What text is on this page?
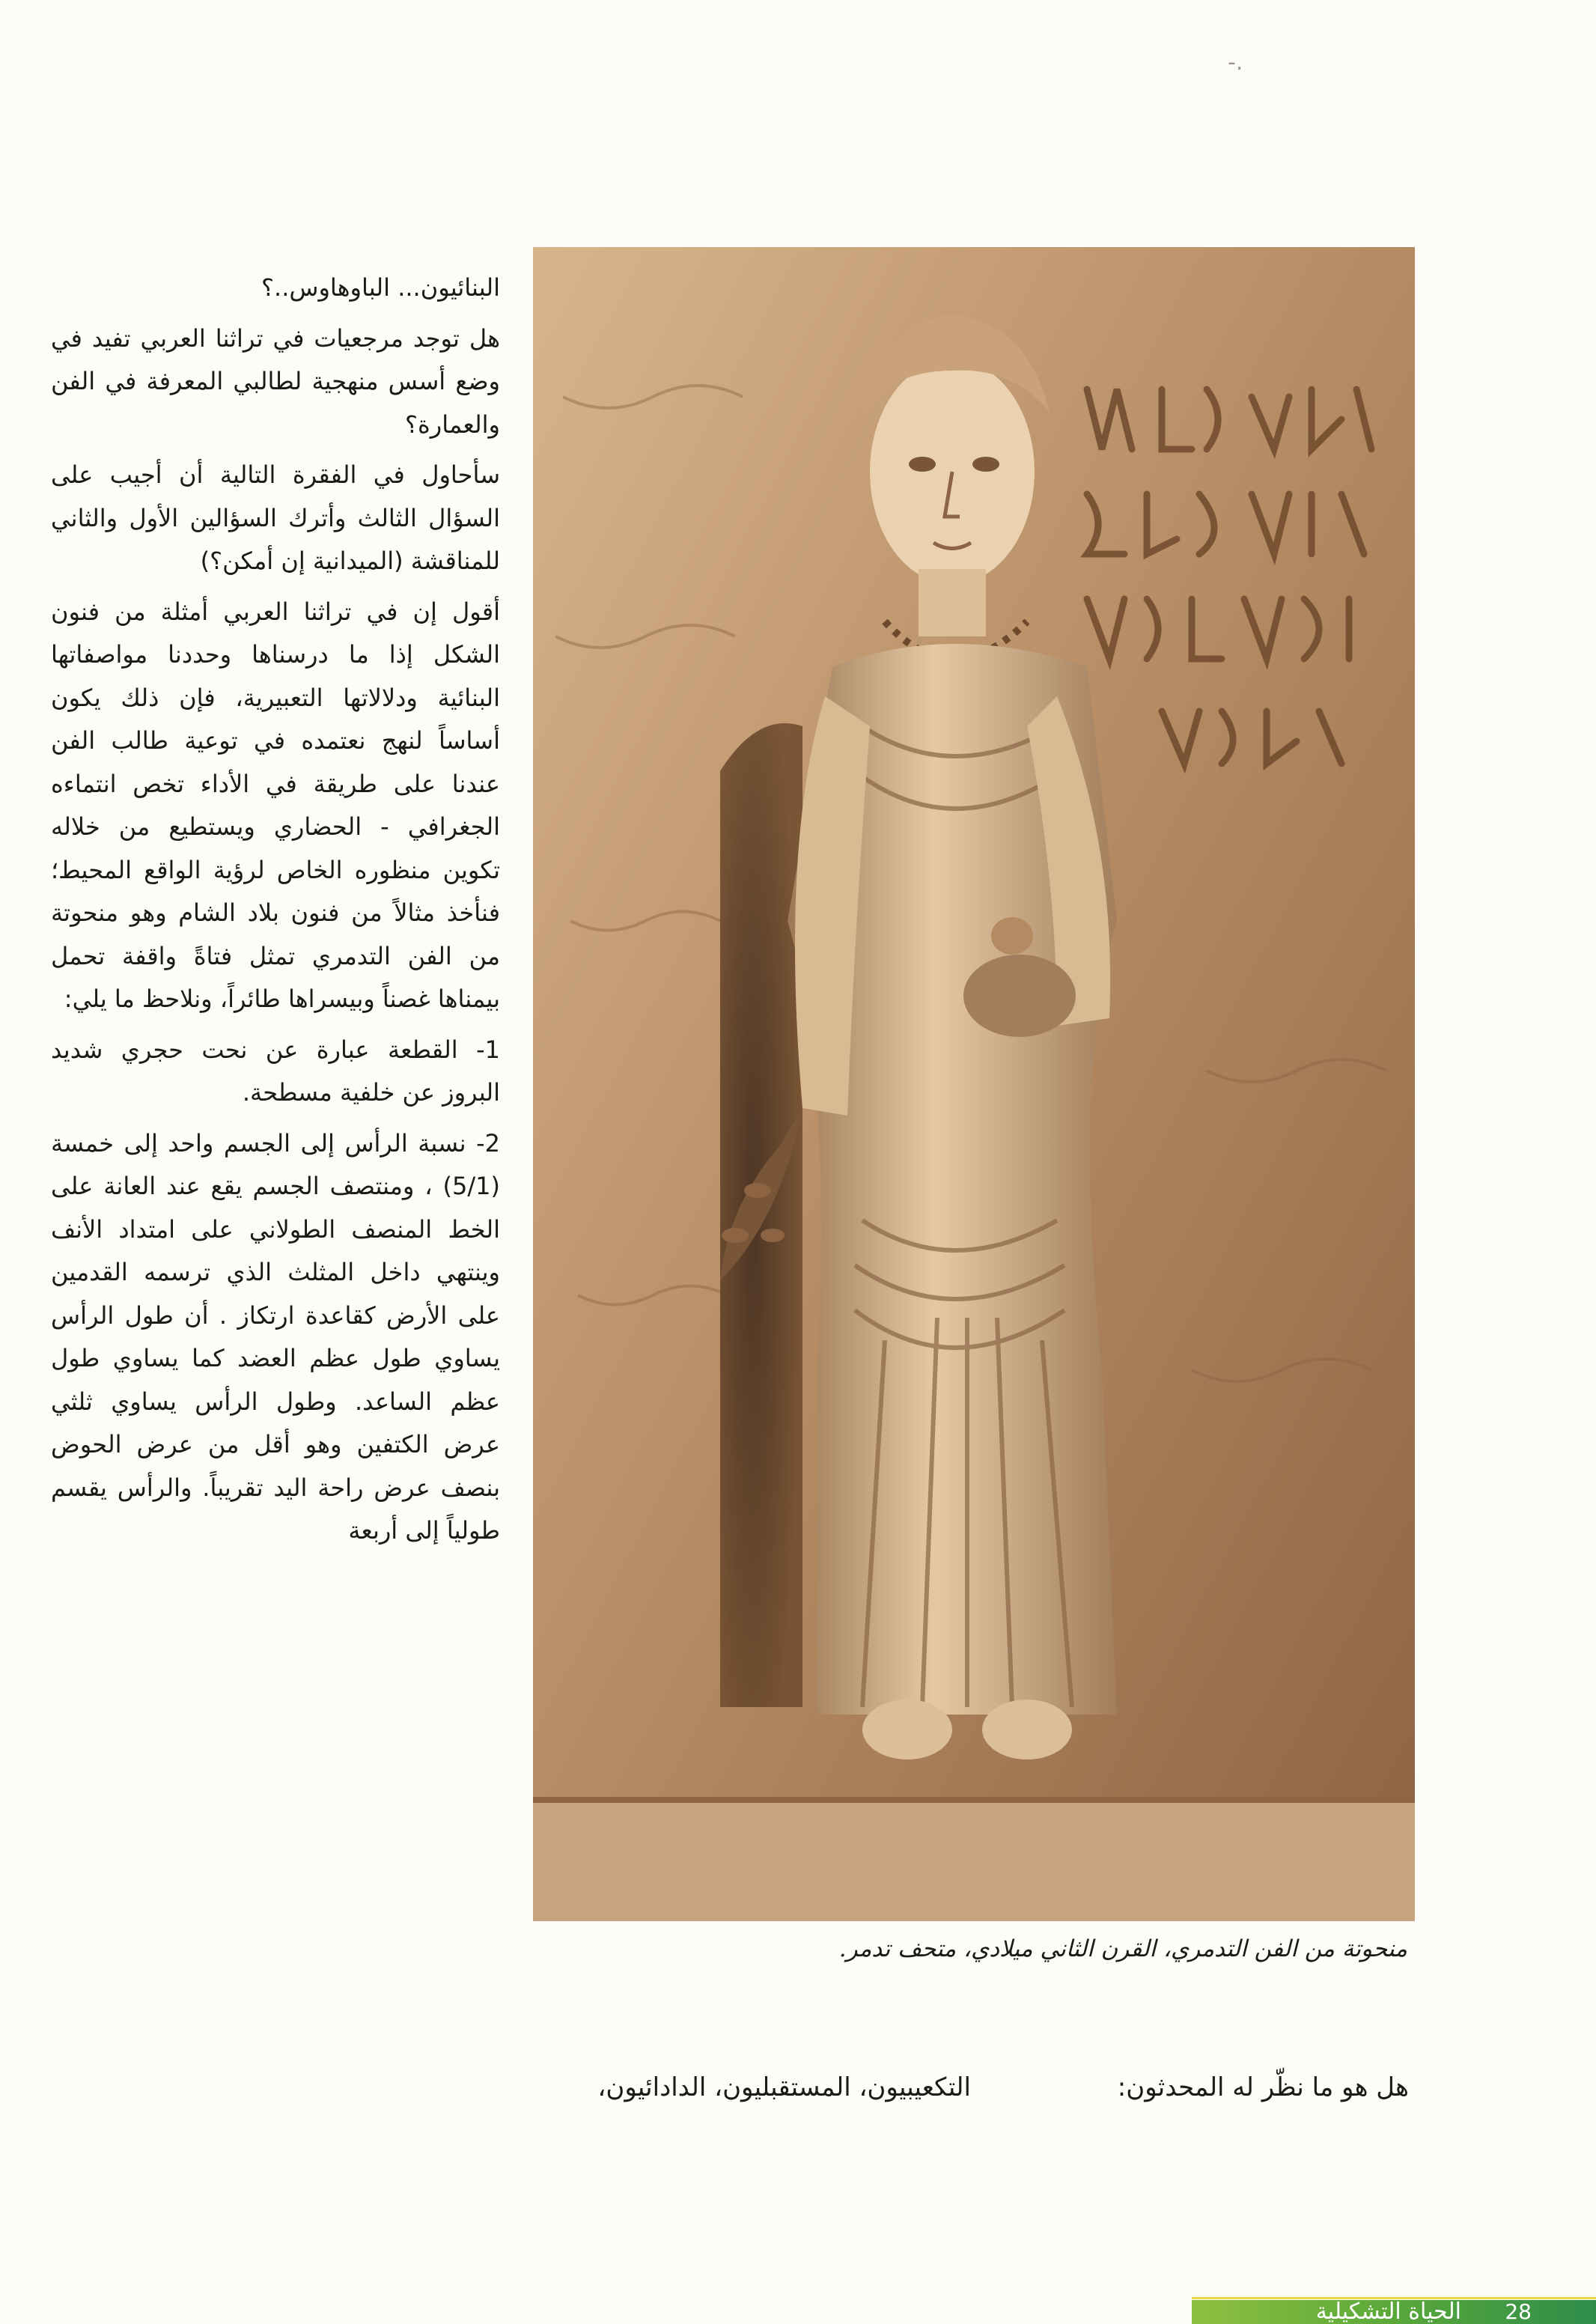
-.

البنائيون... الباوهاوس..؟

هل توجد مرجعيات في تراثنا العربي تفيد في وضع أسس منهجية لطالبي المعرفة في الفن والعمارة؟

سأحاول في الفقرة التالية أن أجيب على السؤال الثالث وأترك السؤالين الأول والثاني للمناقشة (الميدانية إن أمكن؟)

أقول إن في تراثنا العربي أمثلة من فنون الشكل إذا ما درسناها وحددنا مواصفاتها البنائية ودلالاتها التعبيرية، فإن ذلك يكون أساساً لنهج نعتمده في توعية طالب الفن عندنا على طريقة في الأداء تخص انتماءه الجغرافي - الحضاري ويستطيع من خلاله تكوين منظوره الخاص لرؤية الواقع المحيط؛ فنأخذ مثالاً من فنون بلاد الشام وهو منحوتة من الفن التدمري تمثل فتاةً واقفة تحمل بيمناها غصناً وبيسراها طائراً، ونلاحظ ما يلي:

1- القطعة عبارة عن نحت حجري شديد البروز عن خلفية مسطحة.

2- نسبة الرأس إلى الجسم واحد إلى خمسة (5/1) ، ومنتصف الجسم يقع عند العانة على الخط المنصف الطولاني على امتداد الأنف وينتهي داخل المثلث الذي ترسمه القدمين على الأرض كقاعدة ارتكاز . أن طول الرأس يساوي طول عظم العضد كما يساوي طول عظم الساعد. وطول الرأس يساوي ثلثي عرض الكتفين وهو أقل من عرض الحوض بنصف عرض راحة اليد تقريباً. والرأس يقسم طولياً إلى أربعة

منحوتة من الفن التدمري، القرن الثاني ميلادي، متحف تدمر.
هل هو ما نظّر له المحدثون:
التكعيبيون، المستقبليون، الدادائيون،
الحياة التشكيلية 28
